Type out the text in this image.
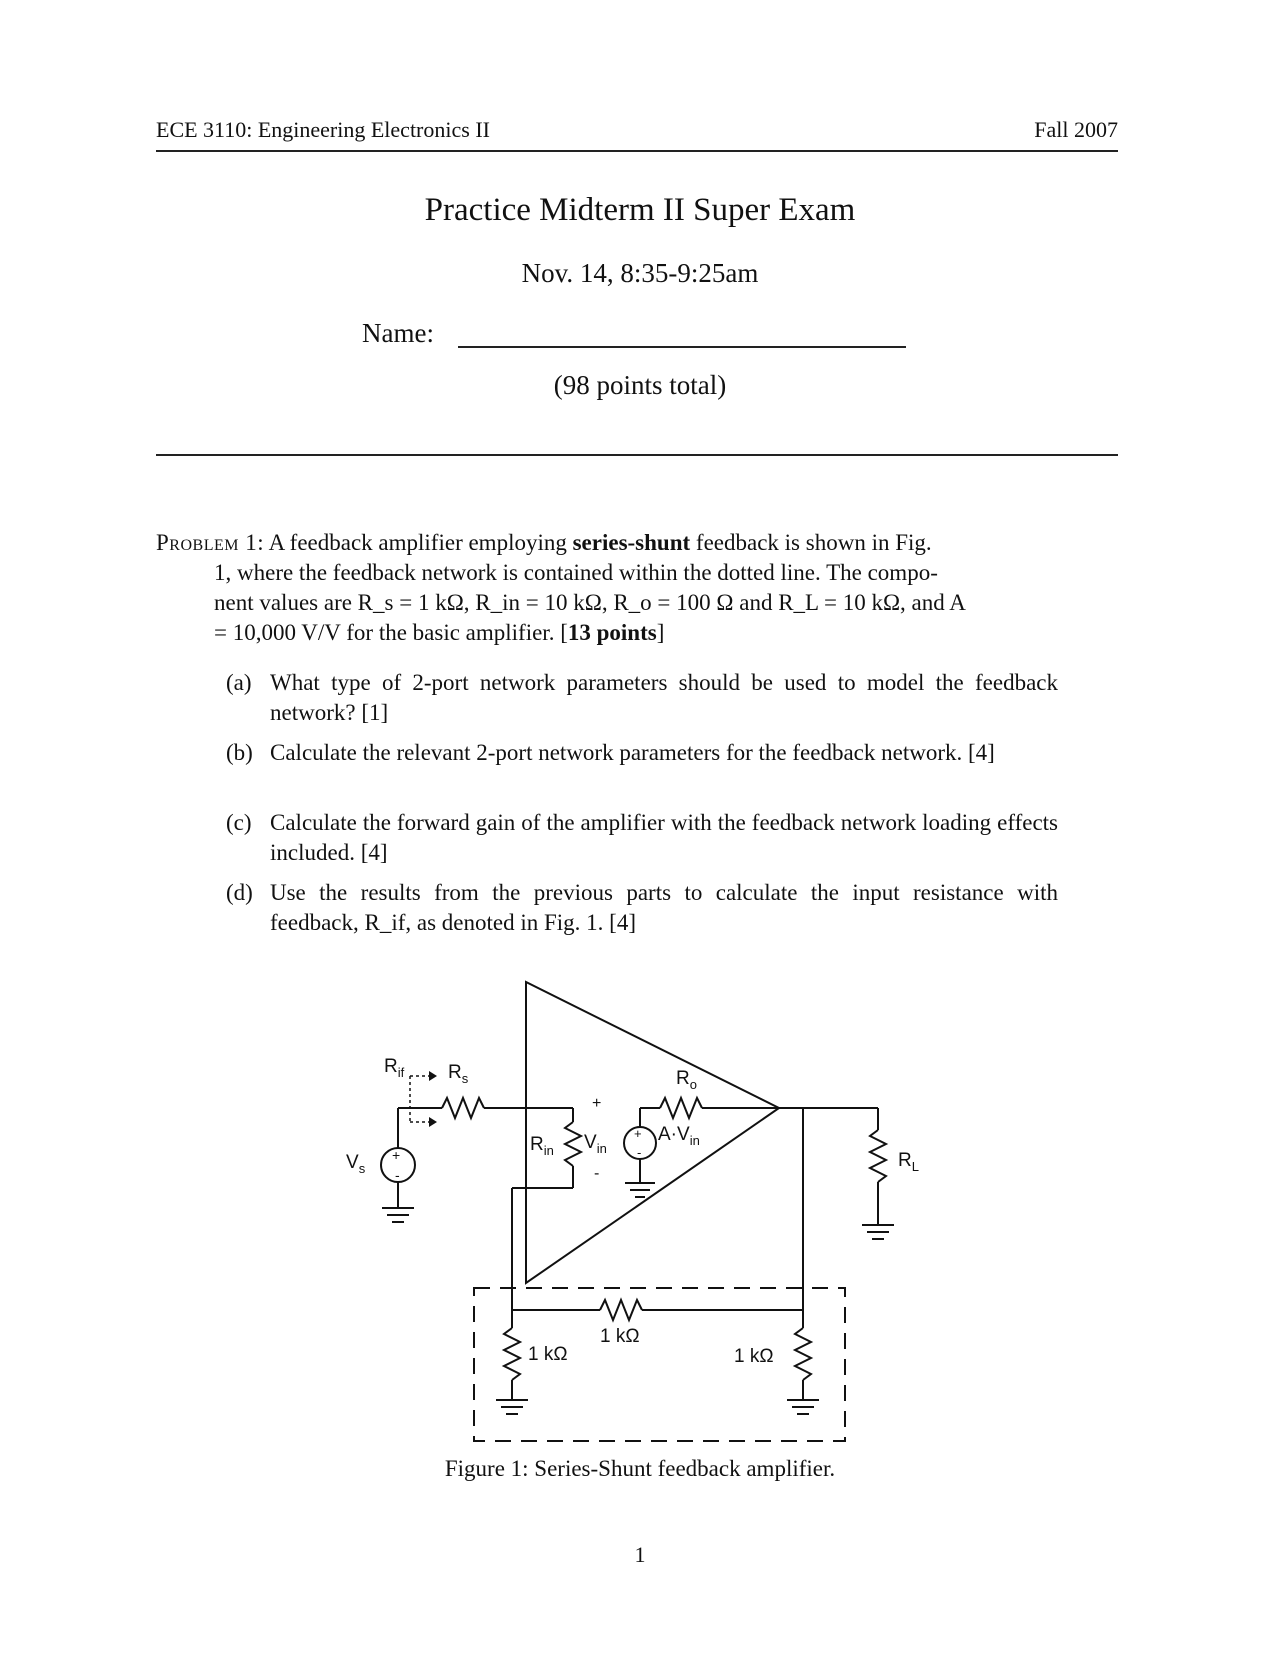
ECE 3110: Engineering Electronics II	Fall 2007
Practice Midterm II Super Exam
Nov. 14, 8:35-9:25am
Name:
(98 points total)
Problem 1: A feedback amplifier employing series-shunt feedback is shown in Fig.
1, where the feedback network is contained within the dotted line. The compo-
nent values are R_s = 1 kΩ, R_in = 10 kΩ, R_o = 100 Ω and R_L = 10 kΩ, and A
= 10,000 V/V for the basic amplifier. [13 points]
(a) What type of 2-port network parameters should be used to model the feedback network? [1]
(b) Calculate the relevant 2-port network parameters for the feedback network. [4]
(c) Calculate the forward gain of the amplifier with the feedback network loading effects included. [4]
(d) Use the results from the previous parts to calculate the input resistance with feedback, R_if, as denoted in Fig. 1. [4]
$R_{if}$ $R_s$	$R_o$
$R_{in}$ $V_{in}$
$A\cdot V_{in}$
$V_s$	$R_L$
+
-
+
-
+
-
1 kΩ
1 kΩ	1 kΩ
Figure 1: Series-Shunt feedback amplifier.
1
